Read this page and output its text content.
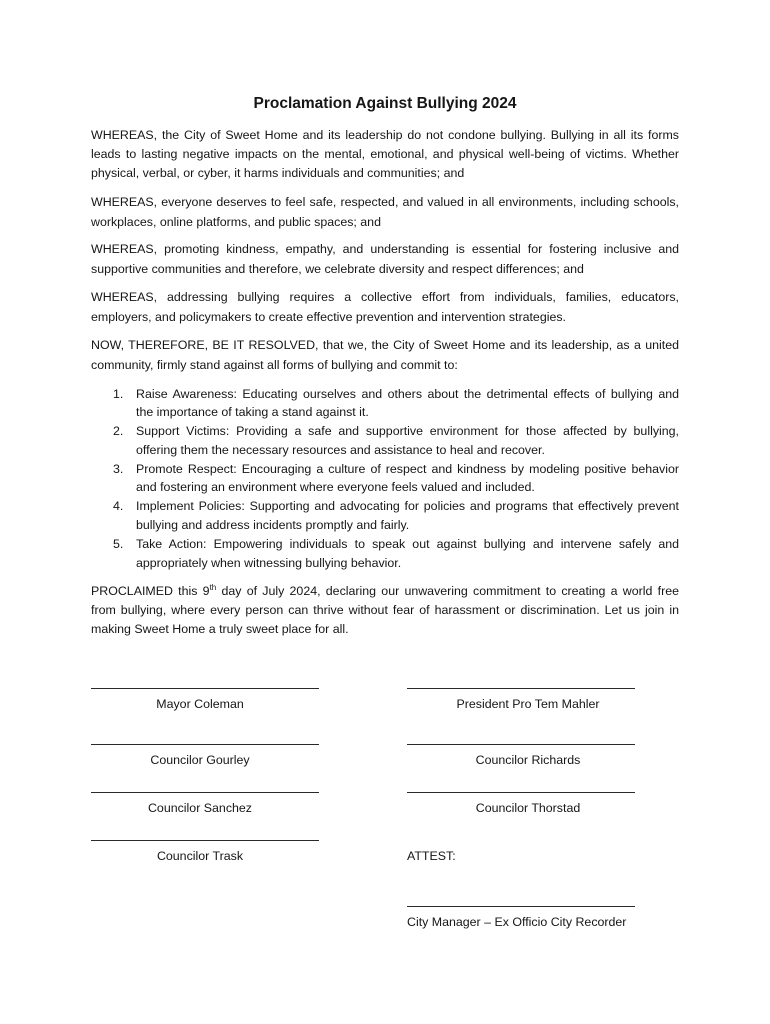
Proclamation Against Bullying 2024
WHEREAS, the City of Sweet Home and its leadership do not condone bullying. Bullying in all its forms
leads to lasting negative impacts on the mental, emotional, and physical well-being of victims. Whether
physical, verbal, or cyber, it harms individuals and communities; and
WHEREAS, everyone deserves to feel safe, respected, and valued in all environments, including schools,
workplaces, online platforms, and public spaces; and
WHEREAS, promoting kindness, empathy, and understanding is essential for fostering inclusive and
supportive communities and therefore, we celebrate diversity and respect differences; and
WHEREAS, addressing bullying requires a collective effort from individuals, families, educators,
employers, and policymakers to create effective prevention and intervention strategies.
NOW, THEREFORE, BE IT RESOLVED, that we, the City of Sweet Home and its leadership, as a united
community, firmly stand against all forms of bullying and commit to:
1. Raise Awareness: Educating ourselves and others about the detrimental effects of bullying and
the importance of taking a stand against it.
2. Support Victims: Providing a safe and supportive environment for those affected by bullying,
offering them the necessary resources and assistance to heal and recover.
3. Promote Respect: Encouraging a culture of respect and kindness by modeling positive behavior
and fostering an environment where everyone feels valued and included.
4. Implement Policies: Supporting and advocating for policies and programs that effectively prevent
bullying and address incidents promptly and fairly.
5. Take Action: Empowering individuals to speak out against bullying and intervene safely and
appropriately when witnessing bullying behavior.
PROCLAIMED this 9th day of July 2024, declaring our unwavering commitment to creating a world free
from bullying, where every person can thrive without fear of harassment or discrimination. Let us join in
making Sweet Home a truly sweet place for all.
Mayor Coleman
Councilor Gourley
Councilor Sanchez
Councilor Trask
President Pro Tem Mahler
Councilor Richards
Councilor Thorstad
ATTEST:
City Manager – Ex Officio City Recorder
